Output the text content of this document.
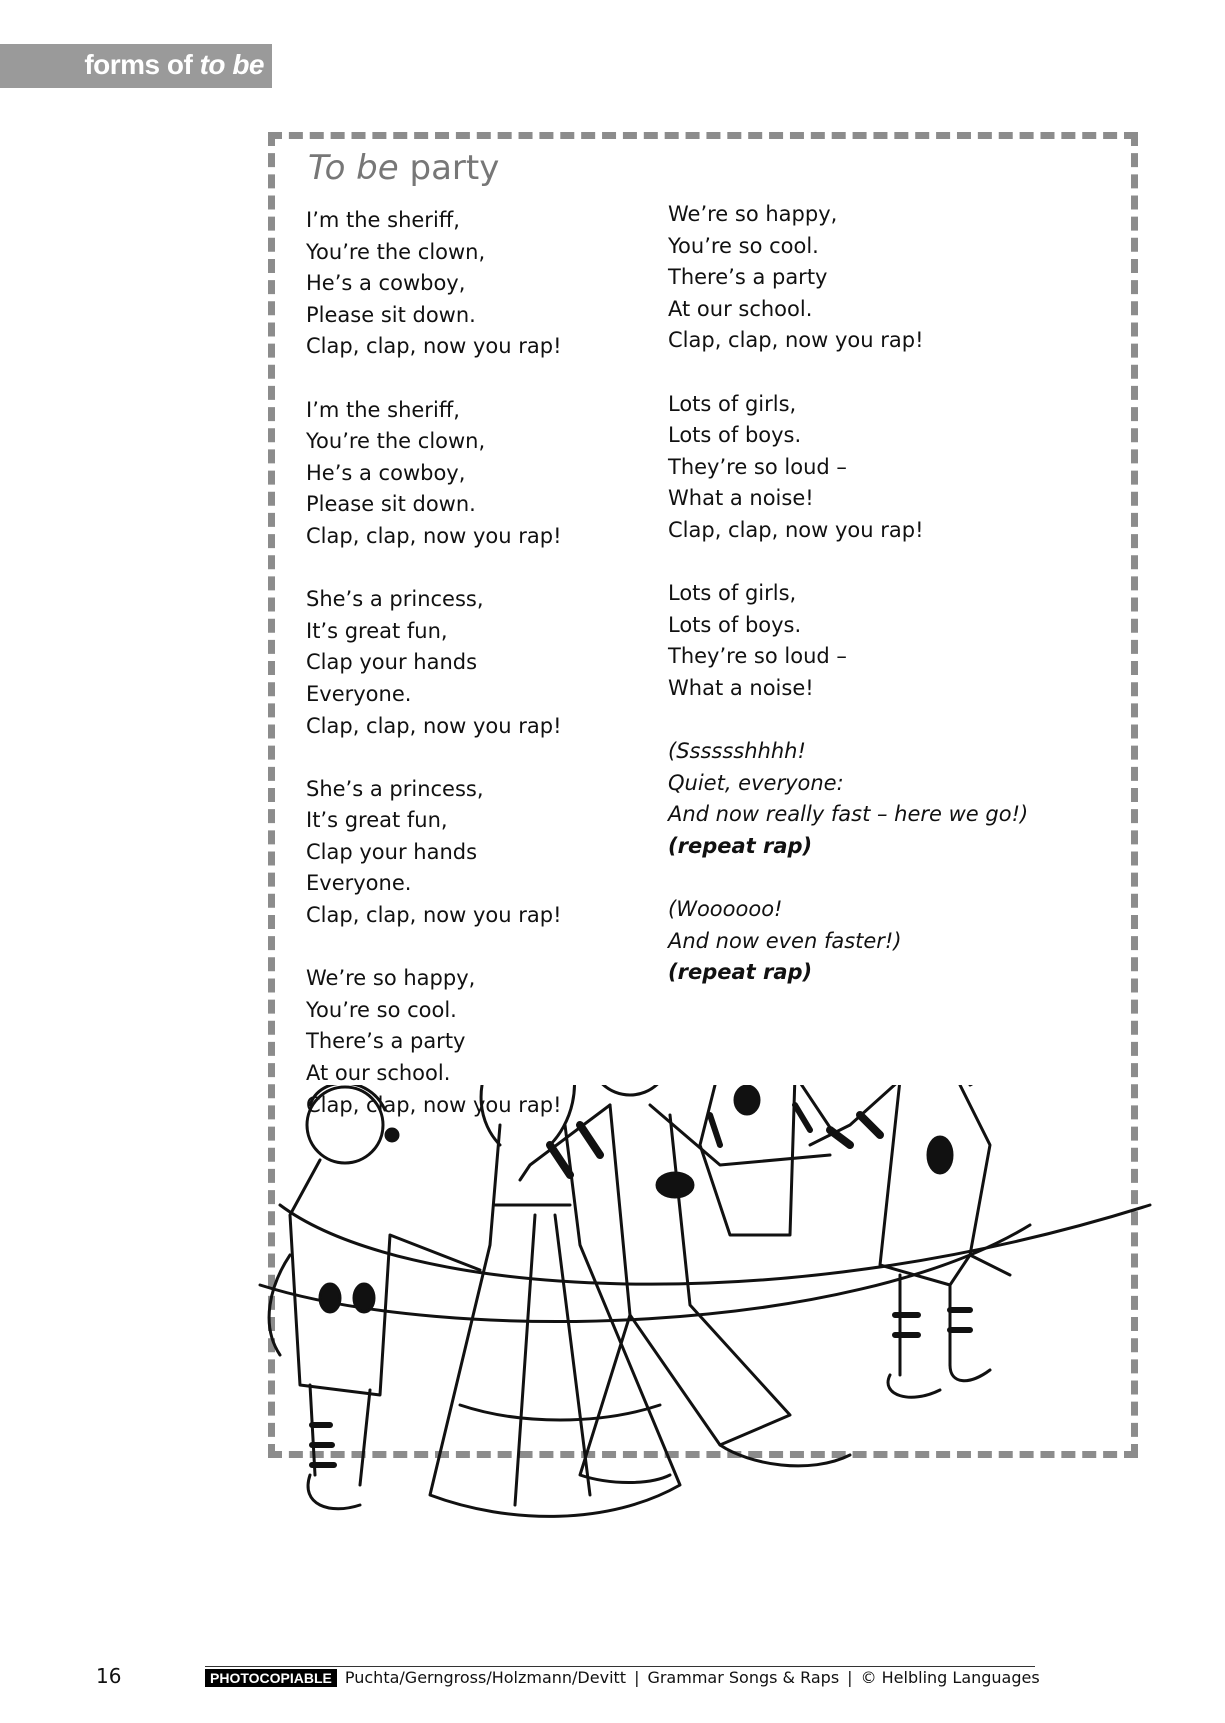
forms of to be
To be party
I’m the sheriff,
You’re the clown,
He’s a cowboy,
Please sit down.
Clap, clap, now you rap!
I’m the sheriff,
You’re the clown,
He’s a cowboy,
Please sit down.
Clap, clap, now you rap!
She’s a princess,
It’s great fun,
Clap your hands
Everyone.
Clap, clap, now you rap!
She’s a princess,
It’s great fun,
Clap your hands
Everyone.
Clap, clap, now you rap!
We’re so happy,
You’re so cool.
There’s a party
At our school.
Clap, clap, now you rap!
We’re so happy,
You’re so cool.
There’s a party
At our school.
Clap, clap, now you rap!
Lots of girls,
Lots of boys.
They’re so loud –
What a noise!
Clap, clap, now you rap!
Lots of girls,
Lots of boys.
They’re so loud –
What a noise!
(Sssssshhhh!
Quiet, everyone:
And now really fast – here we go!)
(repeat rap)
(Woooooo!
And now even faster!)
(repeat rap)
16	PHOTOCOPIABLE Puchta/Gerngross/Holzmann/Devitt | Grammar Songs & Raps | © Helbling Languages
